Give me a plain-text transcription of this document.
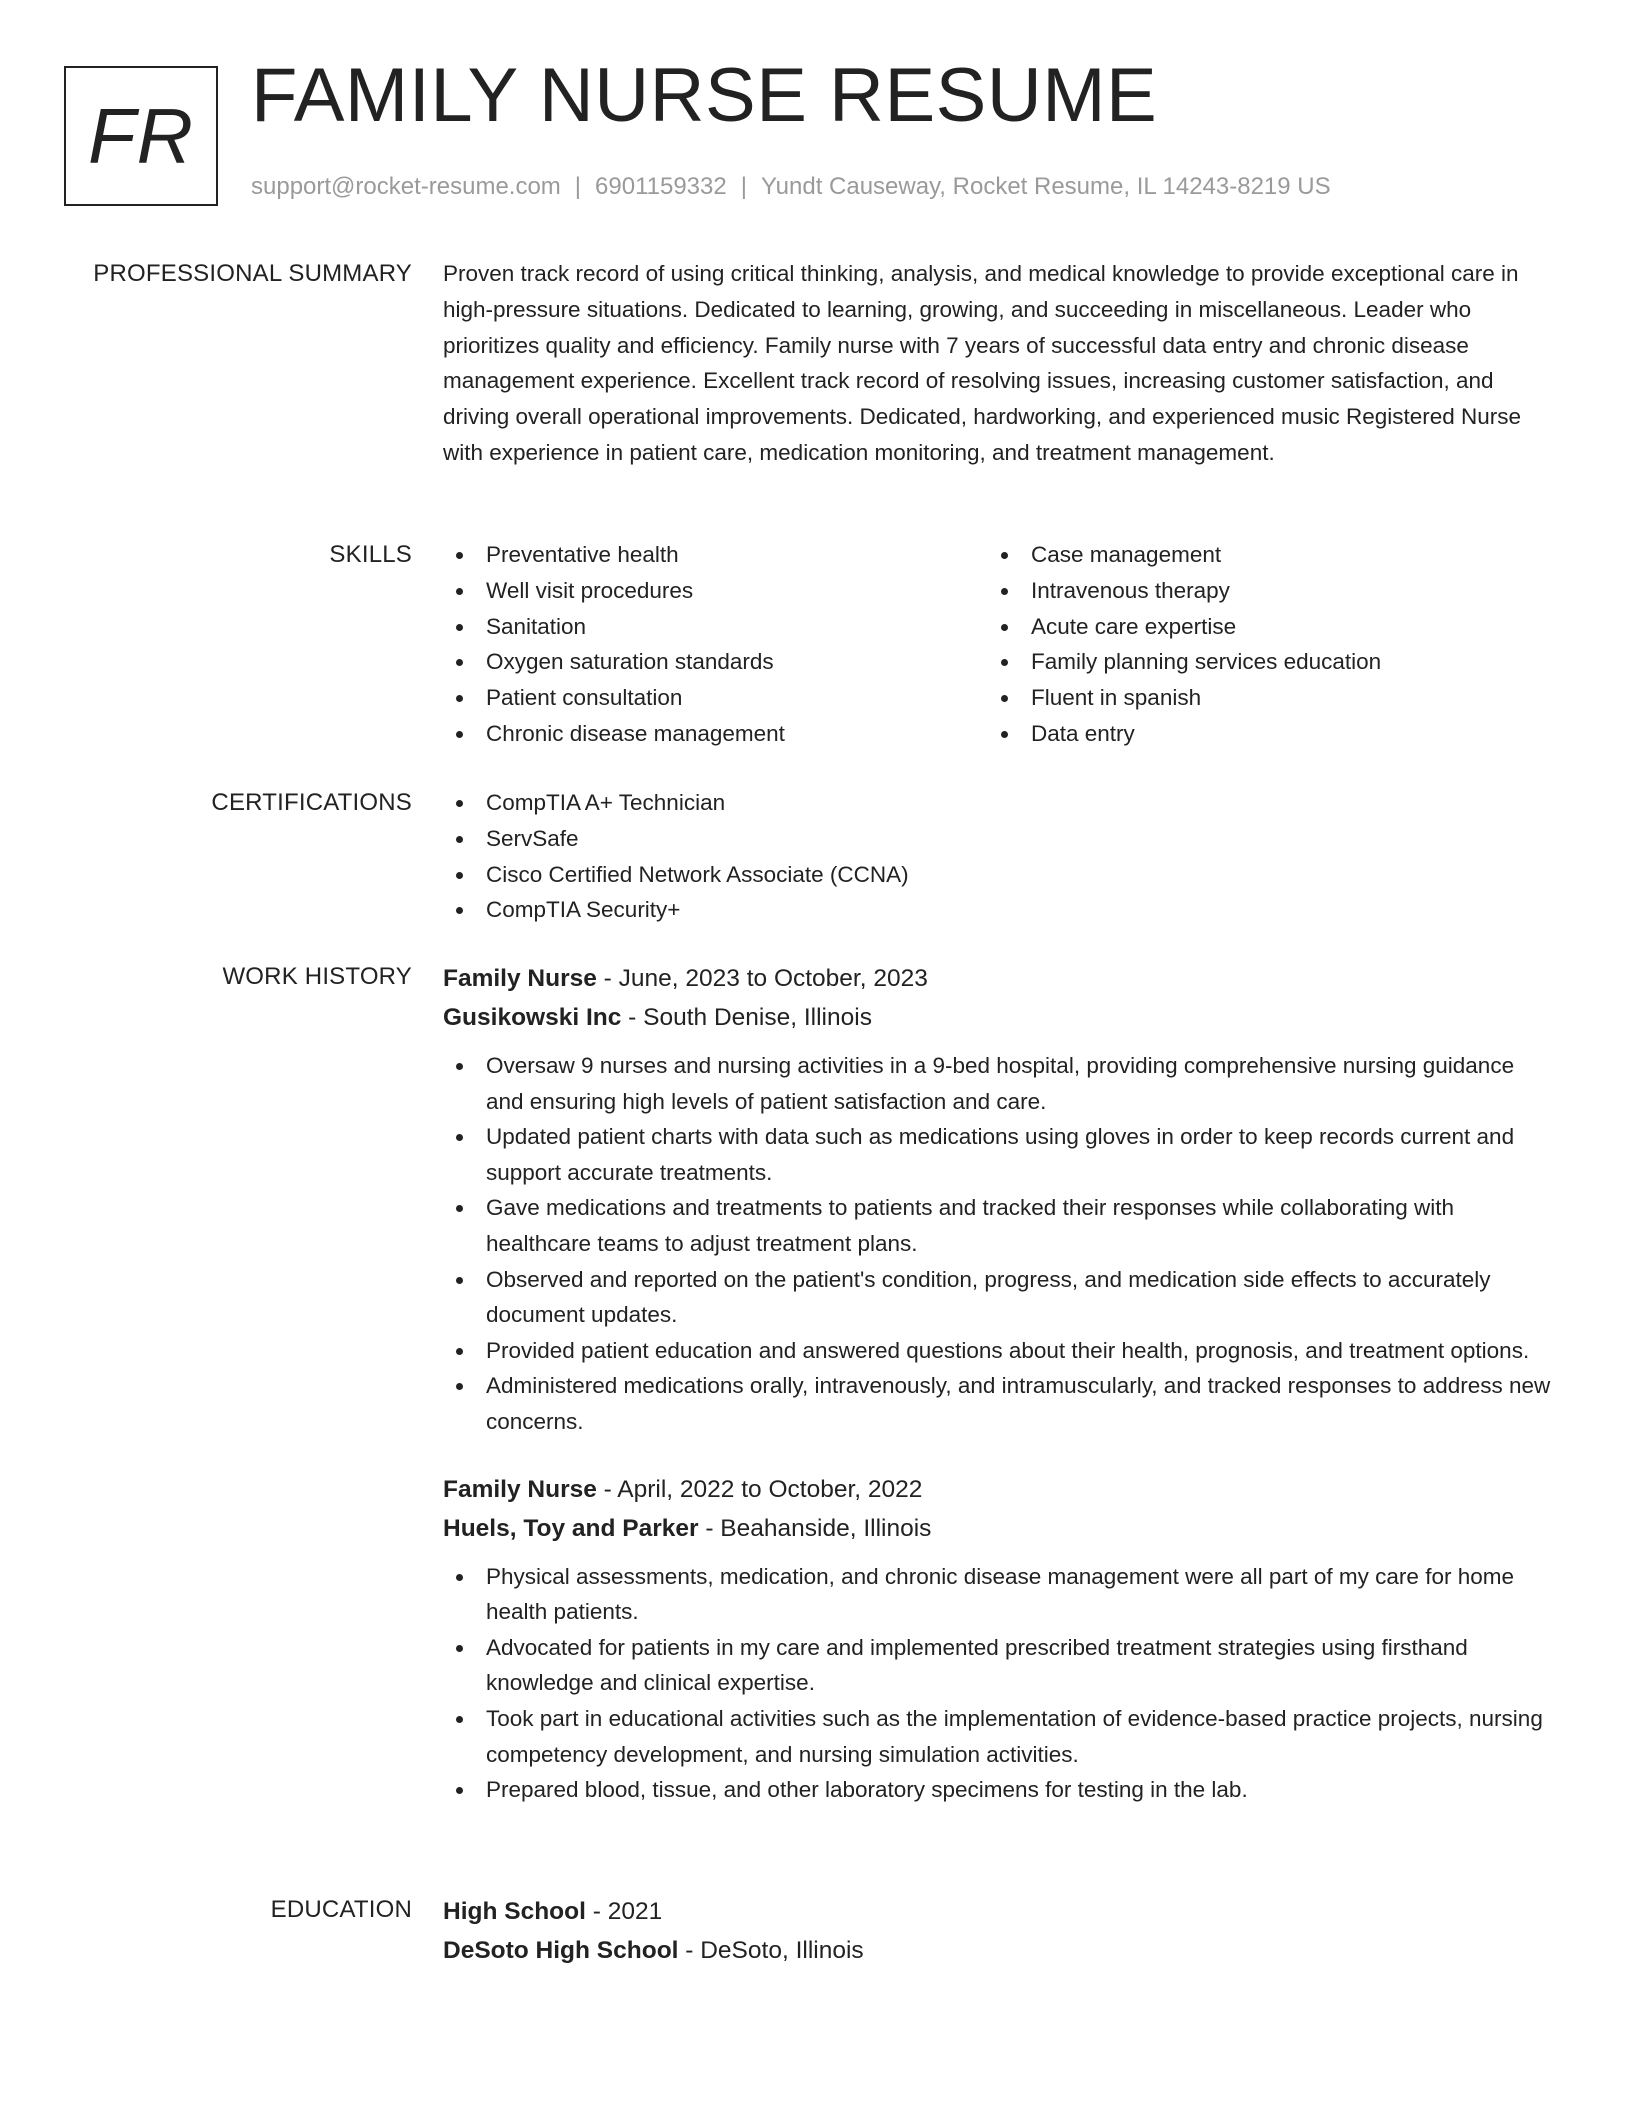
FR FAMILY NURSE RESUME
support@rocket-resume.com | 6901159332 | Yundt Causeway, Rocket Resume, IL 14243-8219 US
PROFESSIONAL SUMMARY Proven track record of using critical thinking, analysis, and medical knowledge to provide exceptional care in high-pressure situations. Dedicated to learning, growing, and succeeding in miscellaneous. Leader who prioritizes quality and efficiency. Family nurse with 7 years of successful data entry and chronic disease management experience. Excellent track record of resolving issues, increasing customer satisfaction, and driving overall operational improvements. Dedicated, hardworking, and experienced music Registered Nurse with experience in patient care, medication monitoring, and treatment management.
SKILLS	Preventative health
Well visit procedures
Sanitation
Oxygen saturation standards
Patient consultation
Chronic disease management
Case management
Intravenous therapy
Acute care expertise
Family planning services education
Fluent in spanish
Data entry
CERTIFICATIONS	CompTIA A+ Technician
ServSafe
Cisco Certified Network Associate (CCNA)
CompTIA Security+
WORK HISTORY Family Nurse - June, 2023 to October, 2023
Gusikowski Inc - South Denise, Illinois
Oversaw 9 nurses and nursing activities in a 9-bed hospital, providing comprehensive nursing guidance and ensuring high levels of patient satisfaction and care.
Updated patient charts with data such as medications using gloves in order to keep records current and support accurate treatments.
Gave medications and treatments to patients and tracked their responses while collaborating with healthcare teams to adjust treatment plans.
Observed and reported on the patient's condition, progress, and medication side effects to accurately document updates.
Provided patient education and answered questions about their health, prognosis, and treatment options.
Administered medications orally, intravenously, and intramuscularly, and tracked responses to address new concerns.
Family Nurse - April, 2022 to October, 2022
Huels, Toy and Parker - Beahanside, Illinois
Physical assessments, medication, and chronic disease management were all part of my care for home health patients.
Advocated for patients in my care and implemented prescribed treatment strategies using firsthand knowledge and clinical expertise.
Took part in educational activities such as the implementation of evidence-based practice projects, nursing competency development, and nursing simulation activities.
Prepared blood, tissue, and other laboratory specimens for testing in the lab.
EDUCATION High School - 2021
DeSoto High School - DeSoto, Illinois
